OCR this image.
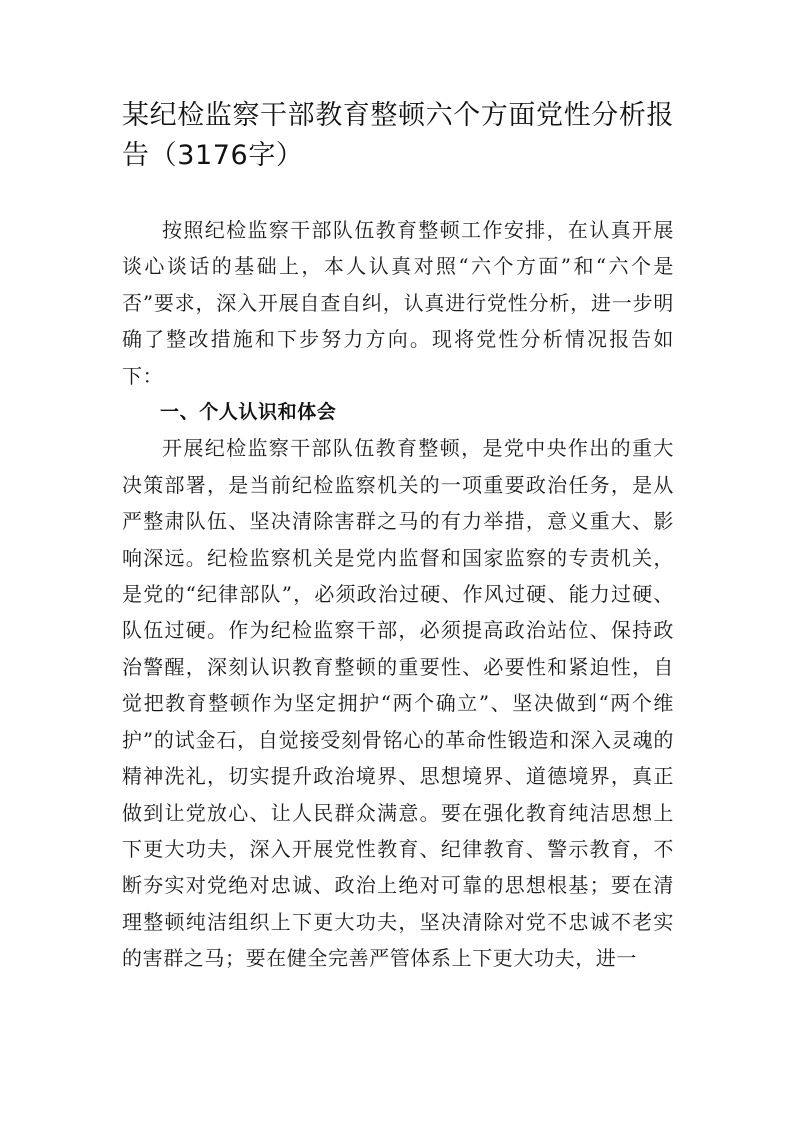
某纪检监察干部教育整顿六个方面党性分析报告（3176字）

按照纪检监察干部队伍教育整顿工作安排，在认真开展谈心谈话的基础上，本人认真对照“六个方面”和“六个是否”要求，深入开展自查自纠，认真进行党性分析，进一步明确了整改措施和下步努力方向。现将党性分析情况报告如下：

一、个人认识和体会

开展纪检监察干部队伍教育整顿，是党中央作出的重大决策部署，是当前纪检监察机关的一项重要政治任务，是从严整肃队伍、坚决清除害群之马的有力举措，意义重大、影响深远。纪检监察机关是党内监督和国家监察的专责机关，是党的“纪律部队”，必须政治过硬、作风过硬、能力过硬、队伍过硬。作为纪检监察干部，必须提高政治站位、保持政治警醒，深刻认识教育整顿的重要性、必要性和紧迫性，自觉把教育整顿作为坚定拥护“两个确立”、坚决做到“两个维护”的试金石，自觉接受刻骨铭心的革命性锻造和深入灵魂的精神洗礼，切实提升政治境界、思想境界、道德境界，真正做到让党放心、让人民群众满意。要在强化教育纯洁思想上下更大功夫，深入开展党性教育、纪律教育、警示教育，不断夯实对党绝对忠诚、政治上绝对可靠的思想根基；要在清理整顿纯洁组织上下更大功夫，坚决清除对党不忠诚不老实的害群之马；要在健全完善严管体系上下更大功夫，进一
